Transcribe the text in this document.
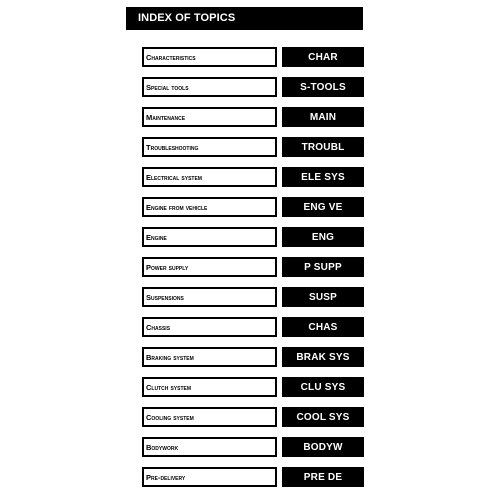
INDEX OF TOPICS
Characteristics	CHAR
Special tools	S-TOOLS
Maintenance	MAIN
Troubleshooting	TROUBL
Electrical system	ELE SYS
Engine from vehicle	ENG VE
Engine	ENG
Power supply	P SUPP
Suspensions	SUSP
Chassis	CHAS
Braking system	BRAK SYS
Clutch system	CLU SYS
Cooling system	COOL SYS
Bodywork	BODYW
Pre-delivery	PRE DE
